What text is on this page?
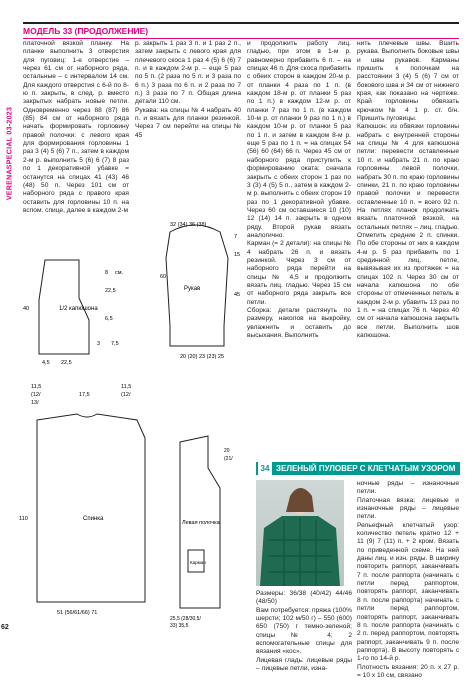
VERENASPECIAL 03-2023
62
МОДЕЛЬ 33 (ПРОДОЛЖЕНИЕ)
платочной вязкой планку. На планке выполнить 3 отверстия для пуговиц: 1-е отверстие – через 61 см от наборного ряда, остальные – с интервалом 14 см. Для каждого отверстия с 6-й по 8-ю п. закрыть, в след. р. вместо закрытых набрать новые петли. Одновременно через 88 (87) 86 (85) 84 см от наборного ряда начать формировать горловину правой полочки: с левого края для формирования горловины 1 раз 3 (4) 5 (6) 7 п., затем в каждом 2-м р. выполнить 5 (6) 6 (7) 8 раз по 1 декоративной убавке = останутся на спицах 41 (43) 46 (48) 50 п. Через 101 см от наборного ряда с правого края оставить для горловины 10 п. на вспом. спице, далее в каждом 2-м
р. закрыть 1 раз 3 п. и 1 раз 2 п., затем закрыть с левого края для плечевого скоса 1 раз 4 (5) 6 (6) 7 п. и в каждом 2-м р. – еще 5 раз по 5 п. (2 раза по 5 п. и 3 раза по 6 п.) 3 раза по 6 п. и 2 раза по 7 п.) 3 раза по 7 п. Общая длина детали 110 см.
Рукава: на спицы № 4 набрать 40 п. и вязать для планки резинкой. Через 7 см перейти на спицы № 45
и продолжить работу лиц. гладью, при этом в 1-м р. равномерно прибавить 6 п. – на спицах 46 п. Для скоса прибавить с обеих сторон в каждом 20-м р. от планки 4 раза по 1 п. (в каждом 18-м р. от планки 5 раз по 1 п.) в каждом 12-м р. от планки 7 раз по 1 п. (в каждом 10-м р. от планки 9 раз по 1 п.) в каждом 10-м р. от планки 5 раз по 1 п. и затем в каждом 8-м р. еще 5 раз по 1 п. = на спицах 54 (56) 60 (64) 66 п. Через 45 см от наборного ряда приступить к формированию оката: сначала закрыть с обеих сторон 1 раз по 3 (3) 4 (5) 5 п., затем в каждом 2-м р. выполнить с обеих сторон 19 раз по 1 декоративной убавке. Через 60 см оставшиеся 10 (10) 12 (14) 14 п. закрыть в одном ряду. Второй рукав вязать аналогично.
Карман (= 2 детали): на спицы № 4 набрать 26 п. и вязать резинкой. Через 3 см от наборного ряда перейти на спицы № 4,5 и продолжить вязать лиц. гладью. Через 15 см от наборного ряда закрыть все петли.
Сборка: детали растянуть по размеру, наколов на выкройку, увлажнить и оставить до высыхания. Выполнить
нить плечевые швы. Вшить рукава. Выполнить боковые швы и швы рукавов. Карманы пришить к полочкам на расстоянии 3 (4) 5 (6) 7 см от бокового шва и 34 см от нижнего края, как показано на чертеже. Край горловины обвязать крючком № 4 1 р. ст. б/н. Пришить пуговицы.
Капюшон: из обвязки горловины набрать с внутренней стороны на спицы № 4 для капюшона петли: перевести оставленные 10 п. и набрать 21 п. по краю горловины левой полочки, набрать 30 п. по краю горловины спинки, 21 п. по краю горловины правой полочки и перевести оставленные 10 п. = всего 92 п. На петлях планок продолжать вязать платочной вязкой, на остальных петлях – лиц. гладью. Отметить средние 2 п. спинки. По обе стороны от них в каждом 4-м р. 5 раз прибавить по 1 срединной лиц. петле, вывязывая их из протяжек = на спицах 102 п. Через 30 см от начала капюшона по обе стороны от отмеченных петель в каждом 2-м р. убавить 13 раз по 1 п. = на спицах 76 п. Через 40 см от начала капюшона закрыть все петли. Выполнить шов капюшона.
1/2 капюшона
8 см.
22,5
6,5
40
4,5 22,5
3 7,5
Рукав
32 (34) 36 (38)
7
15
60
45
20 (20) 23 (23) 25
Спинка
11,5
(12/
13/
17,5
11,5
(12/
110
51 (56/61/66) 71
Левая полочка
Карман
20
(21/
25,5 (28/30,5/
33) 35,5
34 ЗЕЛЕНЫЙ ПУЛОВЕР С КЛЕТЧАТЫМ УЗОРОМ
Размеры: 36/38 (40/42) 44/46 (48/50)
Вам потребуется: пряжа (100% шерсти; 102 м/50 г) – 550 (600) 650 (750) г темно-зеленой; спицы № 4; 2 вспомогательные спицы для вязания «кос».
Лицевая гладь: лицевые ряды – лицевые петли, изна-
ночные ряды – изнаночные петли.
Платочная вязка: лицевые и изнаночные ряды – лицевые петли.
Рельефный клетчатый узор: количество петель кратно 12 + 11 (9) 7 (11) п. + 2 кром. Вязать по приведенной схеме. На ней даны лиц. и изн. ряды. В ширину повторить раппорт, заканчивать 7 п. после раппорта (начинать с петли перед раппортом, повторять раппорт, заканчивать 8 п. после раппорта) начинать с петли перед раппортом, повторять раппорт, заканчивать 8 п. после раппорта (начинать с 2 п. перед раппортом, повторять раппорт, заканчивать 9 п. после раппорта). В высоту повторять с 1-го по 14-й р.
Плотность вязания: 20 п. x 27 р. = 10 x 10 см, связано
